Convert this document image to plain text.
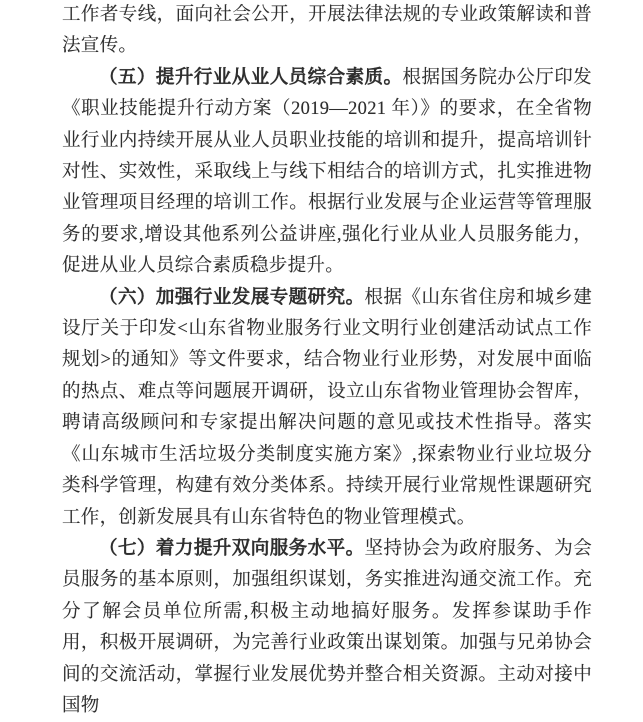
工作者专线，面向社会公开，开展法律法规的专业政策解读和普法宣传。

（五）提升行业从业人员综合素质。根据国务院办公厅印发《职业技能提升行动方案（2019—2021 年）》的要求，在全省物业行业内持续开展从业人员职业技能的培训和提升，提高培训针对性、实效性，采取线上与线下相结合的培训方式，扎实推进物业管理项目经理的培训工作。根据行业发展与企业运营等管理服务的要求,增设其他系列公益讲座,强化行业从业人员服务能力，促进从业人员综合素质稳步提升。

（六）加强行业发展专题研究。根据《山东省住房和城乡建设厅关于印发<山东省物业服务行业文明行业创建活动试点工作规划>的通知》等文件要求，结合物业行业形势，对发展中面临的热点、难点等问题展开调研，设立山东省物业管理协会智库，聘请高级顾问和专家提出解决问题的意见或技术性指导。落实《山东城市生活垃圾分类制度实施方案》,探索物业行业垃圾分类科学管理，构建有效分类体系。持续开展行业常规性课题研究工作，创新发展具有山东省特色的物业管理模式。

（七）着力提升双向服务水平。坚持协会为政府服务、为会员服务的基本原则，加强组织谋划，务实推进沟通交流工作。充分了解会员单位所需,积极主动地搞好服务。发挥参谋助手作用，积极开展调研，为完善行业政策出谋划策。加强与兄弟协会间的交流活动，掌握行业发展优势并整合相关资源。主动对接中国物
